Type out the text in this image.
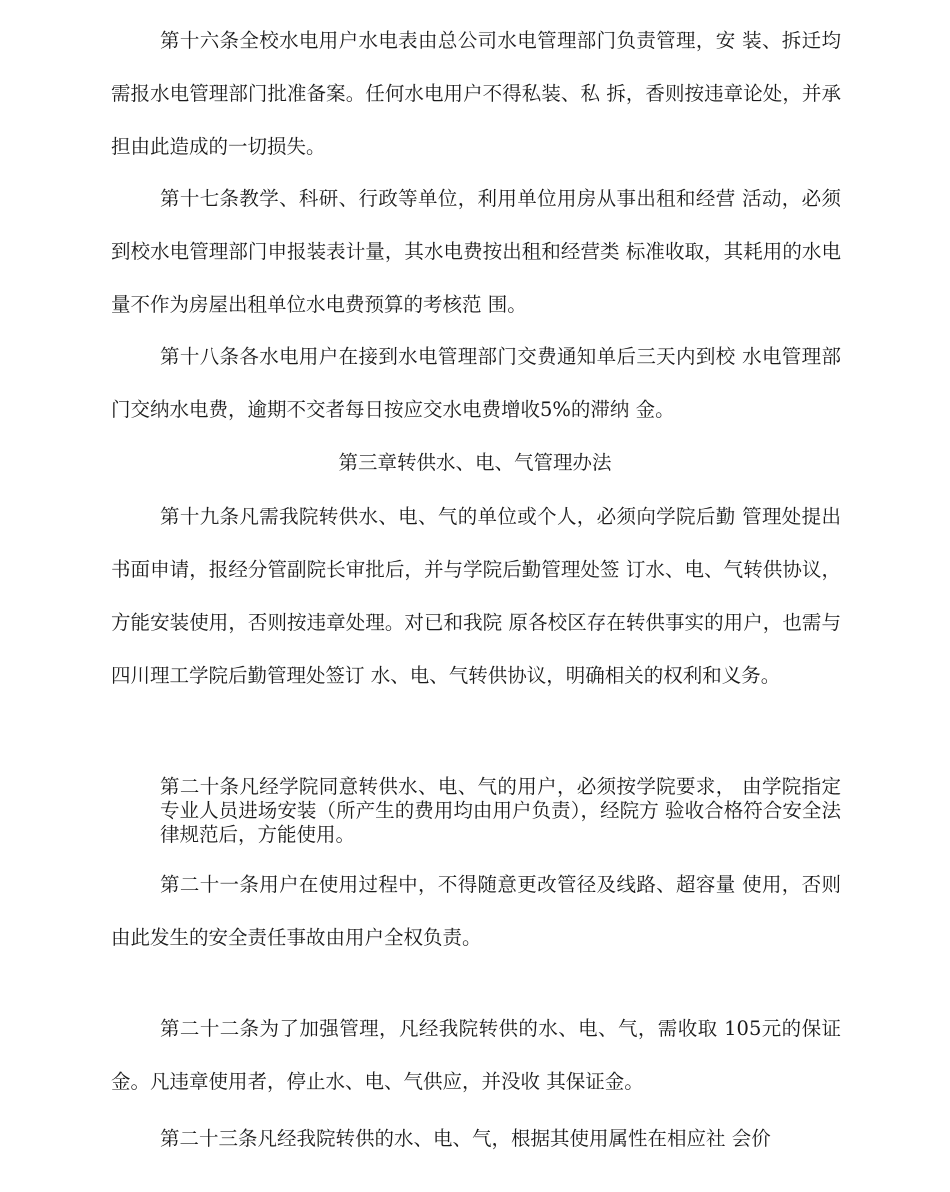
第十六条全校水电用户水电表由总公司水电管理部门负责管理，安 装、拆迁均需报水电管理部门批准备案。任何水电用户不得私装、私 拆，香则按违章论处，并承担由此造成的一切损失。

第十七条教学、科研、行政等单位，利用单位用房从事出租和经营 活动，必须到校水电管理部门申报装表计量，其水电费按出租和经营类 标准收取，其耗用的水电量不作为房屋出租单位水电费预算的考核范 围。

第十八条各水电用户在接到水电管理部门交费通知单后三天内到校 水电管理部门交纳水电费，逾期不交者每日按应交水电费增收5%的滞纳 金。

第三章转供水、电、气管理办法

第十九条凡需我院转供水、电、气的单位或个人，必须向学院后勤 管理处提出书面申请，报经分管副院长审批后，并与学院后勤管理处签 订水、电、气转供协议，方能安装使用，否则按违章处理。对已和我院 原各校区存在转供事实的用户，也需与四川理工学院后勤管理处签订 水、电、气转供协议，明确相关的权利和义务。

第二十条凡经学院同意转供水、电、气的用户，必须按学院要求， 由学院指定专业人员进场安装（所产生的费用均由用户负责），经院方 验收合格符合安全法律规范后，方能使用。

第二十一条用户在使用过程中，不得随意更改管径及线路、超容量 使用，否则由此发生的安全责任事故由用户全权负责。

第二十二条为了加强管理，凡经我院转供的水、电、气，需收取 105元的保证金。凡违章使用者，停止水、电、气供应，并没收 其保证金。

第二十三条凡经我院转供的水、电、气，根据其使用属性在相应社 会价
